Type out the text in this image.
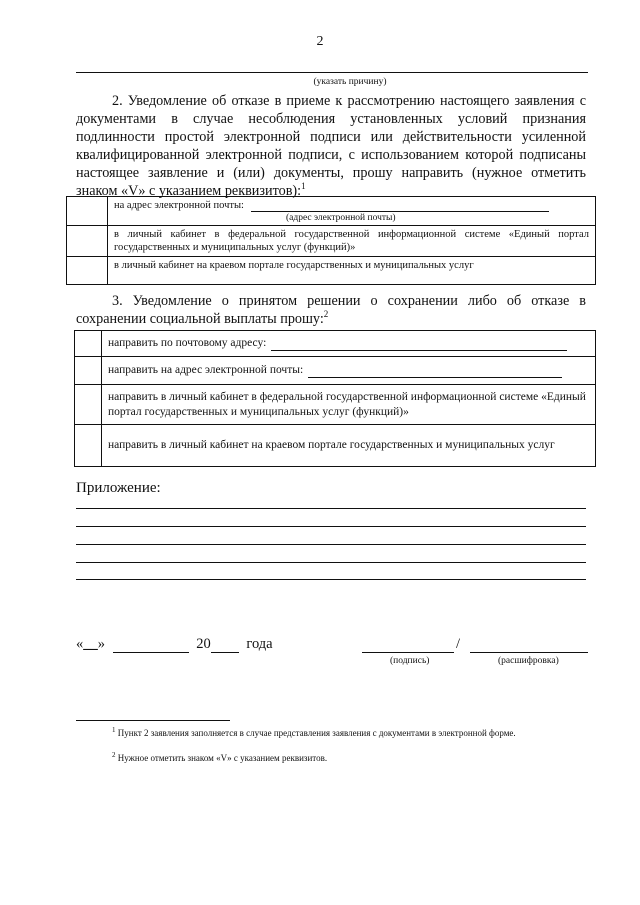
2
(указать причину)
2. Уведомление об отказе в приеме к рассмотрению настоящего заявления с документами в случае несоблюдения установленных условий признания подлинности простой электронной подписи или действительности усиленной квалифицированной электронной подписи, с использованием которой подписаны настоящее заявление и (или) документы, прошу направить (нужное отметить знаком «V» с указанием реквизитов):$^1$
	на адрес электронной почты:
(адрес электронной почты)

	в личный кабинет в федеральной государственной информационной системе «Единый портал государственных и муниципальных услуг (функций)»
	в личный кабинет на краевом портале государственных и муниципальных услуг
3. Уведомление о принятом решении о сохранении либо об отказе в сохранении социальной выплаты прошу:$^2$
	направить по почтовому адресу:
	направить на адрес электронной почты:
	направить в личный кабинет в федеральной государственной информационной системе «Единый портал государственных и муниципальных услуг (функций)»
	направить в личный кабинет на краевом портале государственных и муниципальных услуг
Приложение:
«__»	20 года	/
(подпись)	(расшифровка)
$^1$ Пункт 2 заявления заполняется в случае представления заявления с документами в электронной форме.
$^2$ Нужное отметить знаком «V» с указанием реквизитов.
